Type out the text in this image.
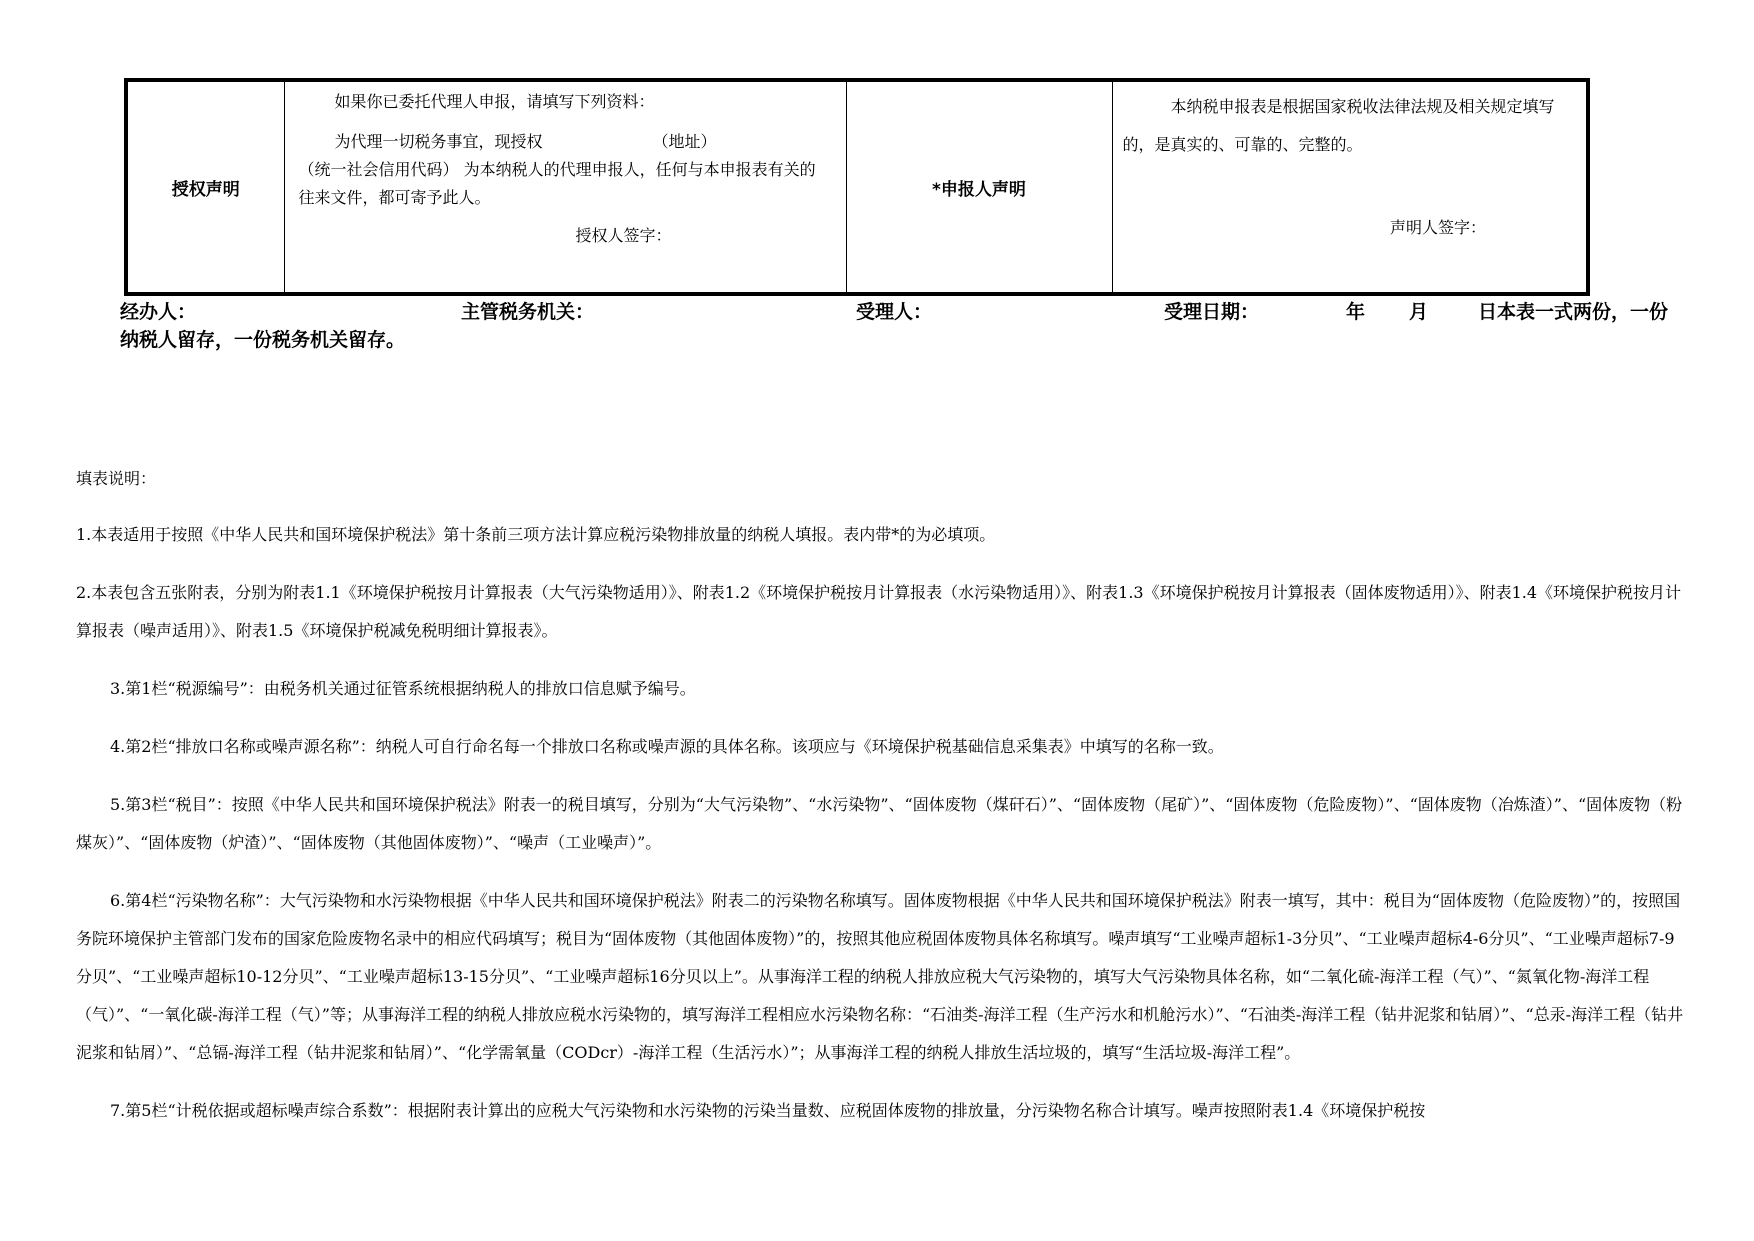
授权声明	
如果你已委托代理人申报，请填写下列资料：
为代理一切税务事宜，现授权	（地址）
（统一社会信用代码） 为本纳税人的代理申报人，任何与本申报表有关的往来文件，都可寄予此人。
授权人签字：
	*申报人声明	
本纳税申报表是根据国家税收法律法规及相关规定填写的，是真实的、可靠的、完整的。
声明人签字：
经办人：	主管税务机关：	受理人：	受理日期：	年 月	日本表一式两份，一份
纳税人留存，一份税务机关留存。

填表说明：

1.本表适用于按照《中华人民共和国环境保护税法》第十条前三项方法计算应税污染物排放量的纳税人填报。表内带*的为必填项。

2.本表包含五张附表，分别为附表1.1《环境保护税按月计算报表（大气污染物适用）》、附表1.2《环境保护税按月计算报表（水污染物适用）》、附表1.3《环境保护税按月计算报表（固体废物适用）》、附表1.4《环境保护税按月计算报表（噪声适用）》、附表1.5《环境保护税减免税明细计算报表》。

3.第1栏“税源编号”：由税务机关通过征管系统根据纳税人的排放口信息赋予编号。

4.第2栏“排放口名称或噪声源名称”：纳税人可自行命名每一个排放口名称或噪声源的具体名称。该项应与《环境保护税基础信息采集表》中填写的名称一致。

5.第3栏“税目”：按照《中华人民共和国环境保护税法》附表一的税目填写，分别为“大气污染物”、“水污染物”、“固体废物（煤矸石）”、“固体废物（尾矿）”、“固体废物（危险废物）”、“固体废物（冶炼渣）”、“固体废物（粉煤灰）”、“固体废物（炉渣）”、“固体废物（其他固体废物）”、“噪声（工业噪声）”。

6.第4栏“污染物名称”：大气污染物和水污染物根据《中华人民共和国环境保护税法》附表二的污染物名称填写。固体废物根据《中华人民共和国环境保护税法》附表一填写，其中：税目为“固体废物（危险废物）”的，按照国务院环境保护主管部门发布的国家危险废物名录中的相应代码填写；税目为“固体废物（其他固体废物）”的，按照其他应税固体废物具体名称填写。噪声填写“工业噪声超标1-3分贝”、“工业噪声超标4-6分贝”、“工业噪声超标7-9分贝”、“工业噪声超标10-12分贝”、“工业噪声超标13-15分贝”、“工业噪声超标16分贝以上”。从事海洋工程的纳税人排放应税大气污染物的，填写大气污染物具体名称，如“二氧化硫-海洋工程（气）”、“氮氧化物-海洋工程（气）”、“一氧化碳-海洋工程（气）”等；从事海洋工程的纳税人排放应税水污染物的，填写海洋工程相应水污染物名称：“石油类-海洋工程（生产污水和机舱污水）”、“石油类-海洋工程（钻井泥浆和钻屑）”、“总汞-海洋工程（钻井泥浆和钻屑）”、“总镉-海洋工程（钻井泥浆和钻屑）”、“化学需氧量（CODcr）-海洋工程（生活污水）”；从事海洋工程的纳税人排放生活垃圾的，填写“生活垃圾-海洋工程”。

7.第5栏“计税依据或超标噪声综合系数”：根据附表计算出的应税大气污染物和水污染物的污染当量数、应税固体废物的排放量，分污染物名称合计填写。噪声按照附表1.4《环境保护税按
